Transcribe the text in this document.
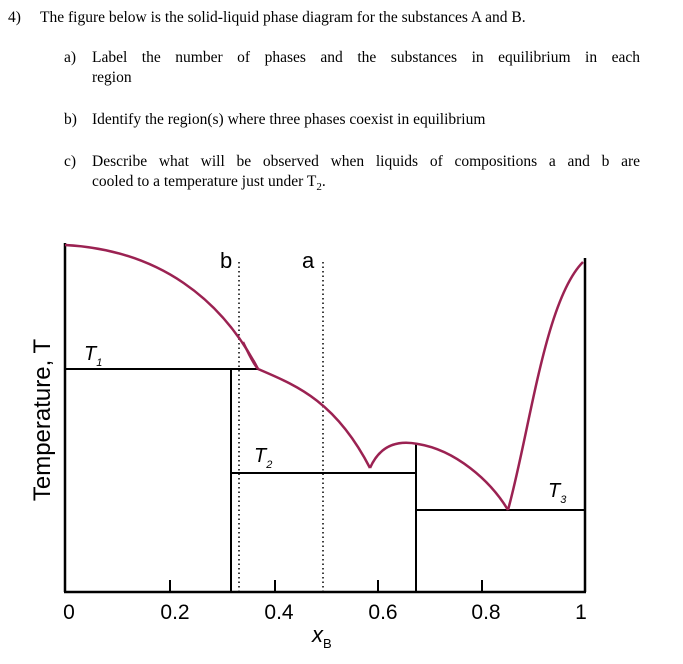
4) The figure below is the solid-liquid phase diagram for the substances A and B.
a) Label the number of phases and the substances in equilibrium in each
region
b) Identify the region(s) where three phases coexist in equilibrium
c) Describe what will be observed when liquids of compositions a and b are
cooled to a temperature just under $T_2$.
$T_1$
$T_2$
$T_3$
b	a
0	0.2	0.4	0.6	0.8	1
$x_B$
Temperature, T
